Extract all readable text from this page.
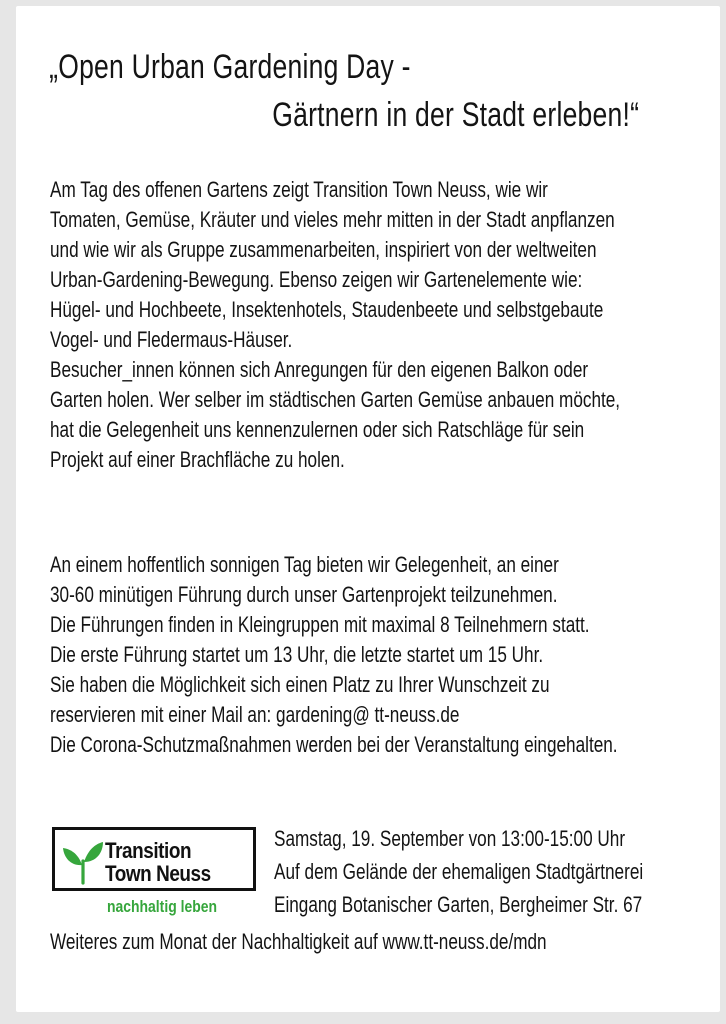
„Open Urban Gardening Day -
Gärtnern in der Stadt erleben!“
Am Tag des offenen Gartens zeigt Transition Town Neuss, wie wir
Tomaten, Gemüse, Kräuter und vieles mehr mitten in der Stadt anpflanzen
und wie wir als Gruppe zusammenarbeiten, inspiriert von der weltweiten
Urban-Gardening-Bewegung. Ebenso zeigen wir Gartenelemente wie:
Hügel- und Hochbeete, Insektenhotels, Staudenbeete und selbstgebaute
Vogel- und Fledermaus-Häuser.
Besucher_innen können sich Anregungen für den eigenen Balkon oder
Garten holen. Wer selber im städtischen Garten Gemüse anbauen möchte,
hat die Gelegenheit uns kennenzulernen oder sich Ratschläge für sein
Projekt auf einer Brachfläche zu holen.
An einem hoffentlich sonnigen Tag bieten wir Gelegenheit, an einer
30-60 minütigen Führung durch unser Gartenprojekt teilzunehmen.
Die Führungen finden in Kleingruppen mit maximal 8 Teilnehmern statt.
Die erste Führung startet um 13 Uhr, die letzte startet um 15 Uhr.
Sie haben die Möglichkeit sich einen Platz zu Ihrer Wunschzeit zu
reservieren mit einer Mail an: gardening@ tt-neuss.de
Die Corona-Schutzmaßnahmen werden bei der Veranstaltung eingehalten.
Transition
Town Neuss
nachhaltig leben
Samstag, 19. September von 13:00-15:00 Uhr
Auf dem Gelände der ehemaligen Stadtgärtnerei
Eingang Botanischer Garten, Bergheimer Str. 67
Weiteres zum Monat der Nachhaltigkeit auf www.tt-neuss.de/mdn
